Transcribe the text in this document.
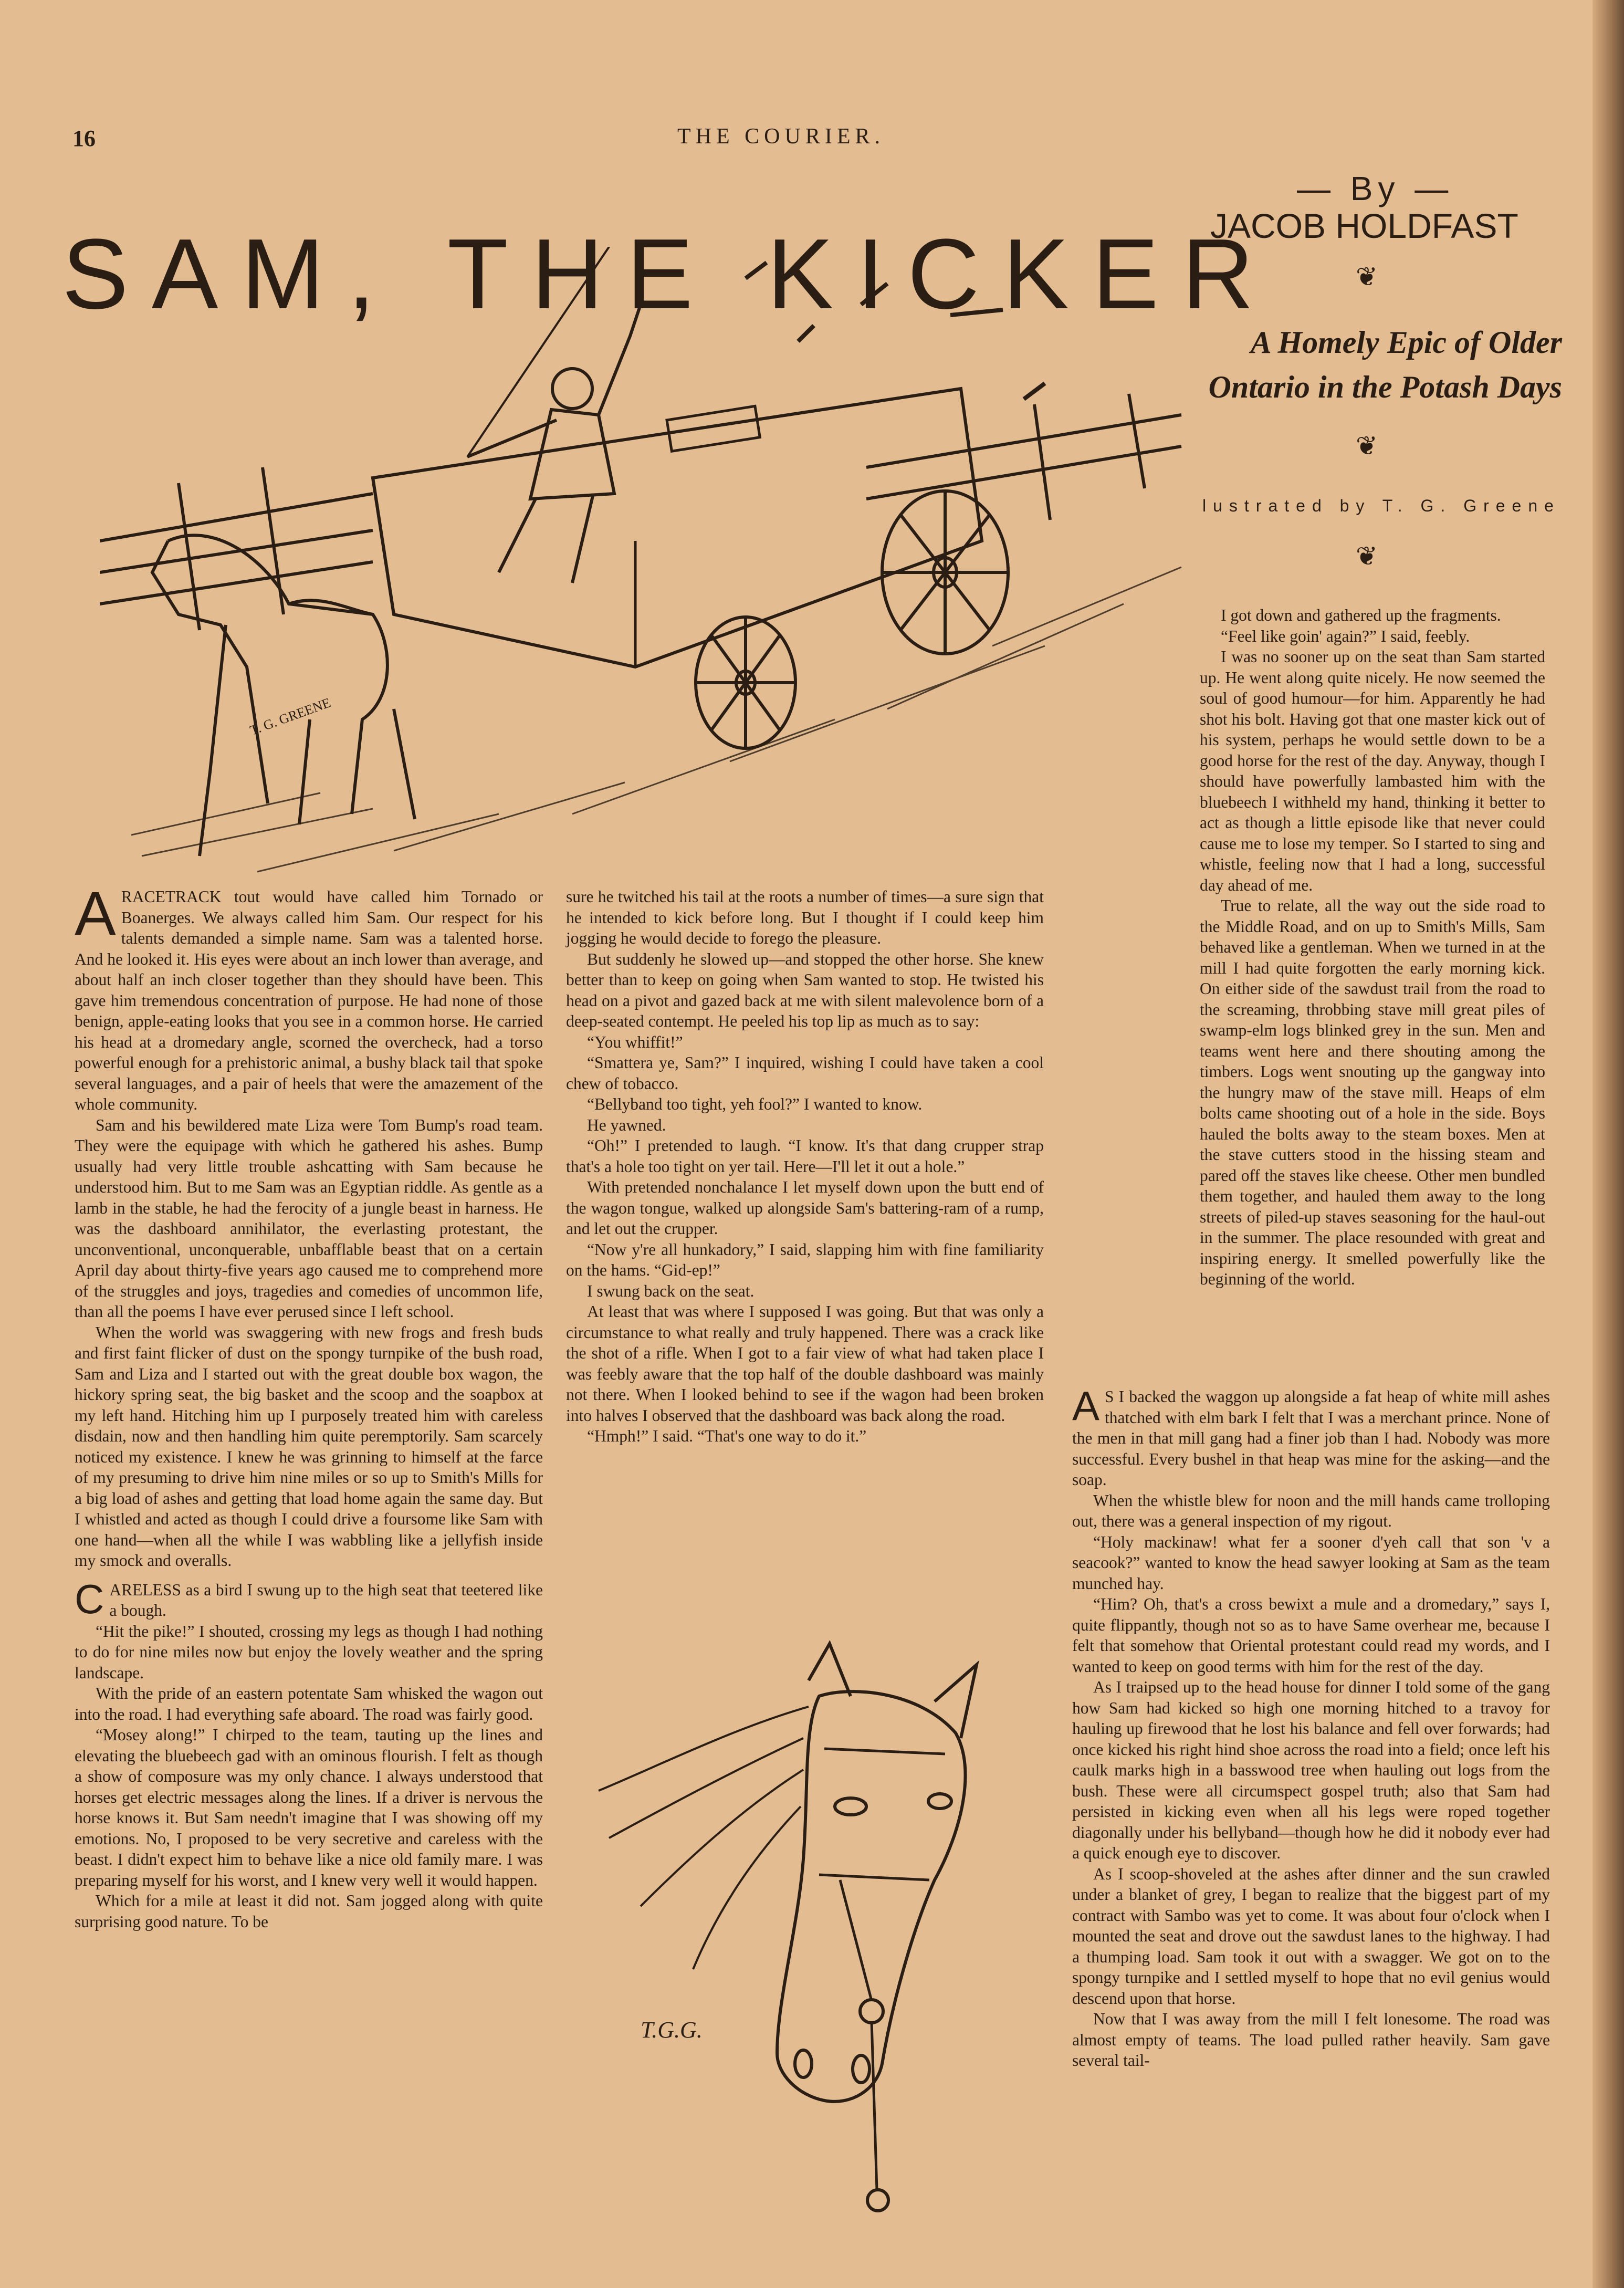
16	THE COURIER.
SAM, THE KICKER
— By —
JACOB HOLDFAST
❦
A Homely Epic of Older
Ontario in the Potash Days
❦
lustrated by T. G. Greene
❦
T. G. GREENE

ARACETRACK tout would have called him Tornado or Boanerges. We always called him Sam. Our respect for his talents demanded a simple name. Sam was a talented horse. And he looked it. His eyes were about an inch lower than average, and about half an inch closer together than they should have been. This gave him tremendous concentration of purpose. He had none of those benign, apple-eating looks that you see in a common horse. He carried his head at a dromedary angle, scorned the overcheck, had a torso powerful enough for a prehistoric animal, a bushy black tail that spoke several languages, and a pair of heels that were the amazement of the whole community.

Sam and his bewildered mate Liza were Tom Bump's road team. They were the equipage with which he gathered his ashes. Bump usually had very little trouble ashcatting with Sam because he understood him. But to me Sam was an Egyptian riddle. As gentle as a lamb in the stable, he had the ferocity of a jungle beast in harness. He was the dashboard annihilator, the everlasting protestant, the unconventional, unconquerable, unbafflable beast that on a certain April day about thirty-five years ago caused me to comprehend more of the struggles and joys, tragedies and comedies of uncommon life, than all the poems I have ever perused since I left school.

When the world was swaggering with new frogs and fresh buds and first faint flicker of dust on the spongy turnpike of the bush road, Sam and Liza and I started out with the great double box wagon, the hickory spring seat, the big basket and the scoop and the soapbox at my left hand. Hitching him up I purposely treated him with careless disdain, now and then handling him quite peremptorily. Sam scarcely noticed my existence. I knew he was grinning to himself at the farce of my presuming to drive him nine miles or so up to Smith's Mills for a big load of ashes and getting that load home again the same day. But I whistled and acted as though I could drive a foursome like Sam with one hand—when all the while I was wabbling like a jellyfish inside my smock and overalls.

CARELESS as a bird I swung up to the high seat that teetered like a bough.

“Hit the pike!” I shouted, crossing my legs as though I had nothing to do for nine miles now but enjoy the lovely weather and the spring landscape.

With the pride of an eastern potentate Sam whisked the wagon out into the road. I had everything safe aboard. The road was fairly good.

“Mosey along!” I chirped to the team, tauting up the lines and elevating the bluebeech gad with an ominous flourish. I felt as though a show of composure was my only chance. I always understood that horses get electric messages along the lines. If a driver is nervous the horse knows it. But Sam needn't imagine that I was showing off my emotions. No, I proposed to be very secretive and careless with the beast. I didn't expect him to behave like a nice old family mare. I was preparing myself for his worst, and I knew very well it would happen.

Which for a mile at least it did not. Sam jogged along with quite surprising good nature. To be

sure he twitched his tail at the roots a number of times—a sure sign that he intended to kick before long. But I thought if I could keep him jogging he would decide to forego the pleasure.

But suddenly he slowed up—and stopped the other horse. She knew better than to keep on going when Sam wanted to stop. He twisted his head on a pivot and gazed back at me with silent malevolence born of a deep-seated contempt. He peeled his top lip as much as to say:

“You whiffit!”

“Smattera ye, Sam?” I inquired, wishing I could have taken a cool chew of tobacco.

“Bellyband too tight, yeh fool?” I wanted to know.

He yawned.

“Oh!” I pretended to laugh. “I know. It's that dang crupper strap that's a hole too tight on yer tail. Here—I'll let it out a hole.”

With pretended nonchalance I let myself down upon the butt end of the wagon tongue, walked up alongside Sam's battering-ram of a rump, and let out the crupper.

“Now y're all hunkadory,” I said, slapping him with fine familiarity on the hams. “Gid-ep!”

I swung back on the seat.

At least that was where I supposed I was going. But that was only a circumstance to what really and truly happened. There was a crack like the shot of a rifle. When I got to a fair view of what had taken place I was feebly aware that the top half of the double dashboard was mainly not there. When I looked behind to see if the wagon had been broken into halves I observed that the dashboard was back along the road.

“Hmph!” I said. “That's one way to do it.”

T.G.G.

I got down and gathered up the fragments.

“Feel like goin' again?” I said, feebly.

I was no sooner up on the seat than Sam started up. He went along quite nicely. He now seemed the soul of good humour—for him. Apparently he had shot his bolt. Having got that one master kick out of his system, perhaps he would settle down to be a good horse for the rest of the day. Anyway, though I should have powerfully lambasted him with the bluebeech I withheld my hand, thinking it better to act as though a little episode like that never could cause me to lose my temper. So I started to sing and whistle, feeling now that I had a long, successful day ahead of me.

True to relate, all the way out the side road to the Middle Road, and on up to Smith's Mills, Sam behaved like a gentleman. When we turned in at the mill I had quite forgotten the early morning kick. On either side of the sawdust trail from the road to the screaming, throbbing stave mill great piles of swamp-elm logs blinked grey in the sun. Men and teams went here and there shouting among the timbers. Logs went snouting up the gangway into the hungry maw of the stave mill. Heaps of elm bolts came shooting out of a hole in the side. Boys hauled the bolts away to the steam boxes. Men at the stave cutters stood in the hissing steam and pared off the staves like cheese. Other men bundled them together, and hauled them away to the long streets of piled-up staves seasoning for the haul-out in the summer. The place resounded with great and inspiring energy. It smelled powerfully like the beginning of the world.

A S I backed the waggon up alongside a fat heap of white mill ashes thatched with elm bark I felt that I was a merchant prince. None of the men in that mill gang had a finer job than I had. Nobody was more successful. Every bushel in that heap was mine for the asking—and the soap.

When the whistle blew for noon and the mill hands came trolloping out, there was a general inspection of my rigout.

“Holy mackinaw! what fer a sooner d'yeh call that son 'v a seacook?” wanted to know the head sawyer looking at Sam as the team munched hay.

“Him? Oh, that's a cross bewixt a mule and a dromedary,” says I, quite flippantly, though not so as to have Same overhear me, because I felt that somehow that Oriental protestant could read my words, and I wanted to keep on good terms with him for the rest of the day.

As I traipsed up to the head house for dinner I told some of the gang how Sam had kicked so high one morning hitched to a travoy for hauling up firewood that he lost his balance and fell over forwards; had once kicked his right hind shoe across the road into a field; once left his caulk marks high in a basswood tree when hauling out logs from the bush. These were all circumspect gospel truth; also that Sam had persisted in kicking even when all his legs were roped together diagonally under his bellyband—though how he did it nobody ever had a quick enough eye to discover.

As I scoop-shoveled at the ashes after dinner and the sun crawled under a blanket of grey, I began to realize that the biggest part of my contract with Sambo was yet to come. It was about four o'clock when I mounted the seat and drove out the sawdust lanes to the highway. I had a thumping load. Sam took it out with a swagger. We got on to the spongy turnpike and I settled myself to hope that no evil genius would descend upon that horse.

Now that I was away from the mill I felt lonesome. The road was almost empty of teams. The load pulled rather heavily. Sam gave several tail-
